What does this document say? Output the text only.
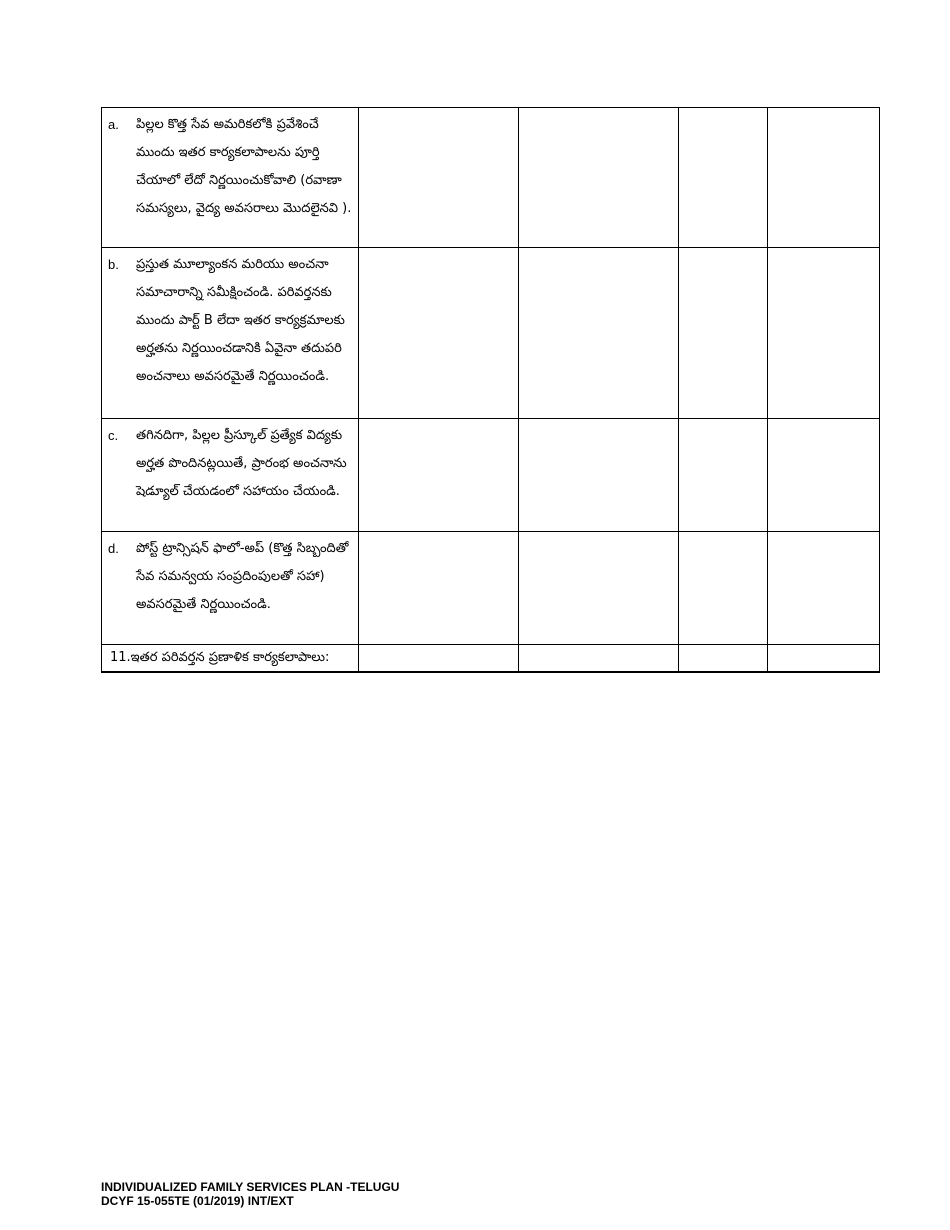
a. పిల్లల కొత్త సేవ అమరికలోకి ప్రవేశించే ముందు ఇతర కార్యకలాపాలను పూర్తి చేయాలో లేదో నిర్ణయించుకోవాలి (రవాణా సమస్యలు, వైద్య అవసరాలు మొదలైనవి ).				

b. ప్రస్తుత మూల్యాంకన మరియు అంచనా సమాచారాన్ని సమీక్షించండి. పరివర్తనకు ముందు పార్ట్ B లేదా ఇతర కార్యక్రమాలకు అర్హతను నిర్ణయించడానికి ఏవైనా తదుపరి అంచనాలు అవసరమైతే నిర్ణయించండి.				

c. తగినదిగా, పిల్లల ప్రీస్కూల్ ప్రత్యేక విద్యకు అర్హత పొందినట్లయితే, ప్రారంభ అంచనాను షెడ్యూల్ చేయడంలో సహాయం చేయండి.				

d. పోస్ట్ ట్రాన్సిషన్ ఫాలో-అప్ (కొత్త సిబ్బందితో సేవ సమన్వయ సంప్రదింపులతో సహా) అవసరమైతే నిర్ణయించండి.				

11.ఇతర పరివర్తన ప్రణాళిక కార్యకలాపాలు:				

INDIVIDUALIZED FAMILY SERVICES PLAN -TELUGU
DCYF 15-055TE (01/2019) INT/EXT
